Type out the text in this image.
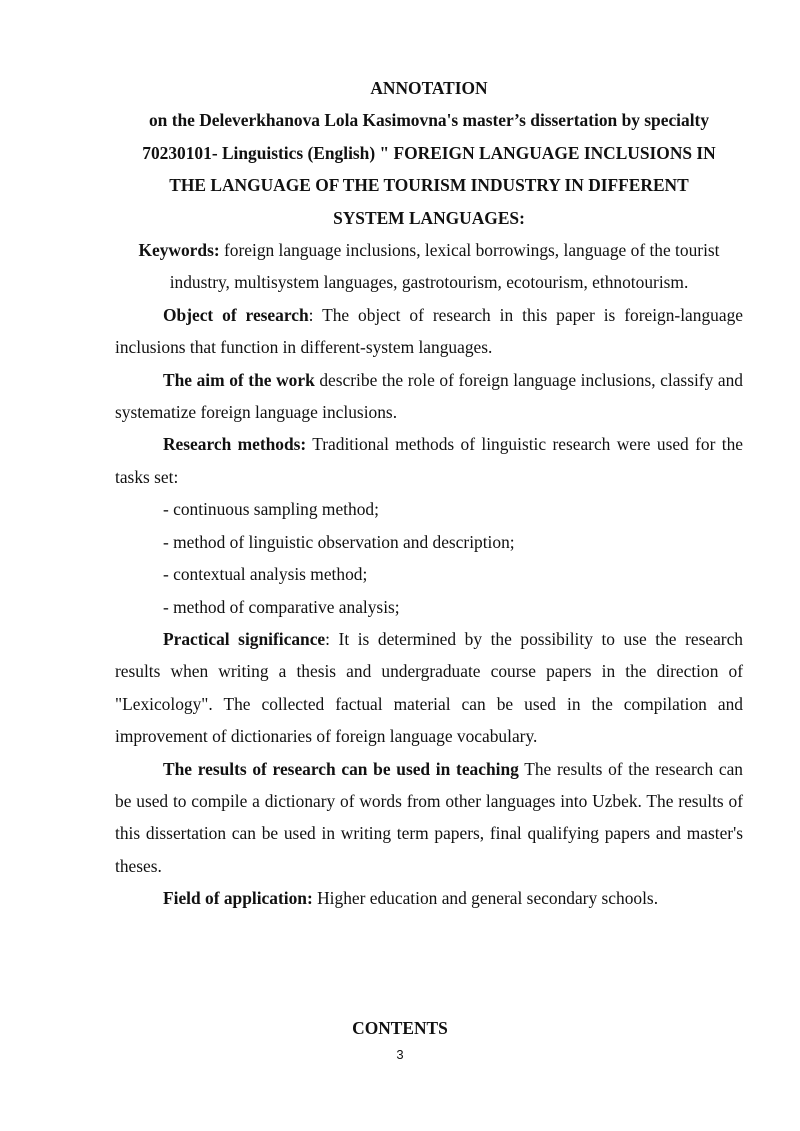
ANNOTATION
on the Deleverkhanova Lola Kasimovna's master’s dissertation by specialty
70230101- Linguistics (English) " FOREIGN LANGUAGE INCLUSIONS IN
THE LANGUAGE OF THE TOURISM INDUSTRY IN DIFFERENT
SYSTEM LANGUAGES:

Keywords: foreign language inclusions, lexical borrowings, language of the tourist industry, multisystem languages, gastrotourism, ecotourism, ethnotourism.

Object of research: The object of research in this paper is foreign-language inclusions that function in different-system languages.

The aim of the work describe the role of foreign language inclusions, classify and systematize foreign language inclusions.

Research methods: Traditional methods of linguistic research were used for the tasks set:

- continuous sampling method;
- method of linguistic observation and description;
- contextual analysis method;
- method of comparative analysis;

Practical significance: It is determined by the possibility to use the research results when writing a thesis and undergraduate course papers in the direction of "Lexicology". The collected factual material can be used in the compilation and improvement of dictionaries of foreign language vocabulary.

The results of research can be used in teaching The results of the research can be used to compile a dictionary of words from other languages into Uzbek. The results of this dissertation can be used in writing term papers, final qualifying papers and master's theses.

Field of application: Higher education and general secondary schools.

CONTENTS
3
